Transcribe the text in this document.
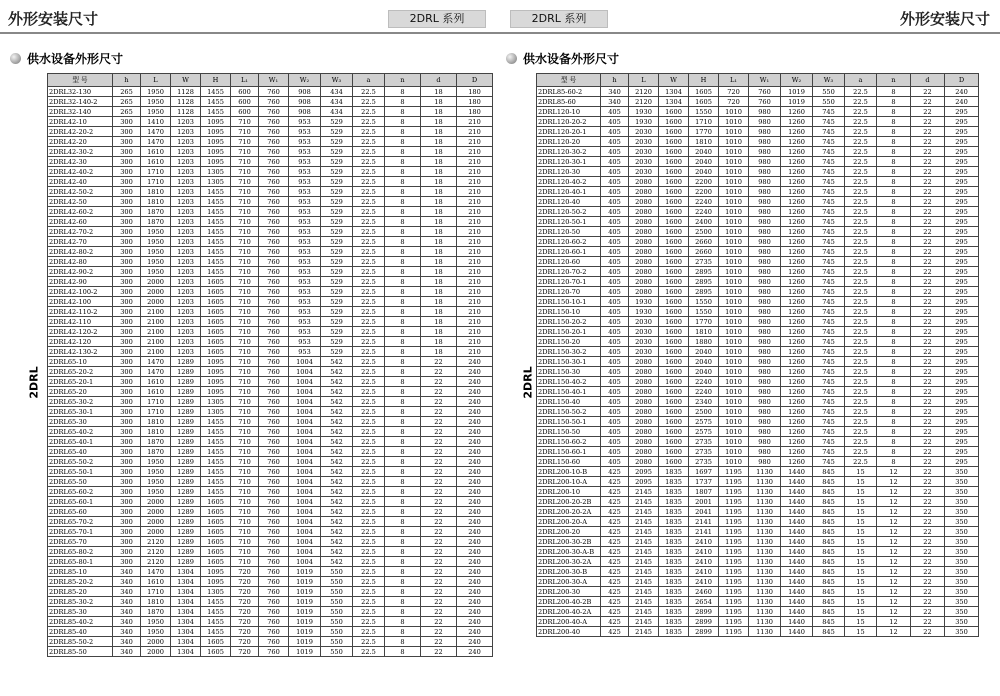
外形安装尺寸	2DRL 系列	2DRL 系列	外形安装尺寸
供水设备外形尺寸	供水设备外形尺寸
2DRL	2DRL
型 号	h	L	W	H	L₁	W₁	W₂	W₃	a	n	d	D
2DRL32-130	265	1950	1128	1455	600	760	908	434	22.5	8	18	180
2DRL32-140-2	265	1950	1128	1455	600	760	908	434	22.5	8	18	180
2DRL32-140	265	1950	1128	1455	600	760	908	434	22.5	8	18	180
2DRL42-10	300	1410	1203	1095	710	760	953	529	22.5	8	18	210
2DRL42-20-2	300	1470	1203	1095	710	760	953	529	22.5	8	18	210
2DRL42-20	300	1470	1203	1095	710	760	953	529	22.5	8	18	210
2DRL42-30-2	300	1610	1203	1095	710	760	953	529	22.5	8	18	210
2DRL42-30	300	1610	1203	1095	710	760	953	529	22.5	8	18	210
2DRL42-40-2	300	1710	1203	1305	710	760	953	529	22.5	8	18	210
2DRL42-40	300	1710	1203	1305	710	760	953	529	22.5	8	18	210
2DRL42-50-2	300	1810	1203	1455	710	760	953	529	22.5	8	18	210
2DRL42-50	300	1810	1203	1455	710	760	953	529	22.5	8	18	210
2DRL42-60-2	300	1870	1203	1455	710	760	953	529	22.5	8	18	210
2DRL42-60	300	1870	1203	1455	710	760	953	529	22.5	8	18	210
2DRL42-70-2	300	1950	1203	1455	710	760	953	529	22.5	8	18	210
2DRL42-70	300	1950	1203	1455	710	760	953	529	22.5	8	18	210
2DRL42-80-2	300	1950	1203	1455	710	760	953	529	22.5	8	18	210
2DRL42-80	300	1950	1203	1455	710	760	953	529	22.5	8	18	210
2DRL42-90-2	300	1950	1203	1455	710	760	953	529	22.5	8	18	210
2DRL42-90	300	2000	1203	1605	710	760	953	529	22.5	8	18	210
2DRL42-100-2	300	2000	1203	1605	710	760	953	529	22.5	8	18	210
2DRL42-100	300	2000	1203	1605	710	760	953	529	22.5	8	18	210
2DRL42-110-2	300	2100	1203	1605	710	760	953	529	22.5	8	18	210
2DRL42-110	300	2100	1203	1605	710	760	953	529	22.5	8	18	210
2DRL42-120-2	300	2100	1203	1605	710	760	953	529	22.5	8	18	210
2DRL42-120	300	2100	1203	1605	710	760	953	529	22.5	8	18	210
2DRL42-130-2	300	2100	1203	1605	710	760	953	529	22.5	8	18	210
2DRL65-10	300	1470	1289	1095	710	760	1004	542	22.5	8	22	240
2DRL65-20-2	300	1470	1289	1095	710	760	1004	542	22.5	8	22	240
2DRL65-20-1	300	1610	1289	1095	710	760	1004	542	22.5	8	22	240
2DRL65-20	300	1610	1289	1095	710	760	1004	542	22.5	8	22	240
2DRL65-30-2	300	1710	1289	1305	710	760	1004	542	22.5	8	22	240
2DRL65-30-1	300	1710	1289	1305	710	760	1004	542	22.5	8	22	240
2DRL65-30	300	1810	1289	1455	710	760	1004	542	22.5	8	22	240
2DRL65-40-2	300	1810	1289	1455	710	760	1004	542	22.5	8	22	240
2DRL65-40-1	300	1870	1289	1455	710	760	1004	542	22.5	8	22	240
2DRL65-40	300	1870	1289	1455	710	760	1004	542	22.5	8	22	240
2DRL65-50-2	300	1950	1289	1455	710	760	1004	542	22.5	8	22	240
2DRL65-50-1	300	1950	1289	1455	710	760	1004	542	22.5	8	22	240
2DRL65-50	300	1950	1289	1455	710	760	1004	542	22.5	8	22	240
2DRL65-60-2	300	1950	1289	1455	710	760	1004	542	22.5	8	22	240
2DRL65-60-1	300	2000	1289	1605	710	760	1004	542	22.5	8	22	240
2DRL65-60	300	2000	1289	1605	710	760	1004	542	22.5	8	22	240
2DRL65-70-2	300	2000	1289	1605	710	760	1004	542	22.5	8	22	240
2DRL65-70-1	300	2000	1289	1605	710	760	1004	542	22.5	8	22	240
2DRL65-70	300	2120	1289	1605	710	760	1004	542	22.5	8	22	240
2DRL65-80-2	300	2120	1289	1605	710	760	1004	542	22.5	8	22	240
2DRL65-80-1	300	2120	1289	1605	710	760	1004	542	22.5	8	22	240
2DRL85-10	340	1470	1304	1095	720	760	1019	550	22.5	8	22	240
2DRL85-20-2	340	1610	1304	1095	720	760	1019	550	22.5	8	22	240
2DRL85-20	340	1710	1304	1305	720	760	1019	550	22.5	8	22	240
2DRL85-30-2	340	1810	1304	1455	720	760	1019	550	22.5	8	22	240
2DRL85-30	340	1870	1304	1455	720	760	1019	550	22.5	8	22	240
2DRL85-40-2	340	1950	1304	1455	720	760	1019	550	22.5	8	22	240
2DRL85-40	340	1950	1304	1455	720	760	1019	550	22.5	8	22	240
2DRL85-50-2	340	2000	1304	1605	720	760	1019	550	22.5	8	22	240
2DRL85-50	340	2000	1304	1605	720	760	1019	550	22.5	8	22	240
型 号	h	L	W	H	L₁	W₁	W₂	W₃	a	n	d	D
2DRL85-60-2	340	2120	1304	1605	720	760	1019	550	22.5	8	22	240
2DRL85-60	340	2120	1304	1605	720	760	1019	550	22.5	8	22	240
2DRL120-10	405	1930	1600	1550	1010	980	1260	745	22.5	8	22	295
2DRL120-20-2	405	1930	1600	1710	1010	980	1260	745	22.5	8	22	295
2DRL120-20-1	405	2030	1600	1770	1010	980	1260	745	22.5	8	22	295
2DRL120-20	405	2030	1600	1810	1010	980	1260	745	22.5	8	22	295
2DRL120-30-2	405	2030	1600	2040	1010	980	1260	745	22.5	8	22	295
2DRL120-30-1	405	2030	1600	2040	1010	980	1260	745	22.5	8	22	295
2DRL120-30	405	2030	1600	2040	1010	980	1260	745	22.5	8	22	295
2DRL120-40-2	405	2080	1600	2200	1010	980	1260	745	22.5	8	22	295
2DRL120-40-1	405	2080	1600	2200	1010	980	1260	745	22.5	8	22	295
2DRL120-40	405	2080	1600	2240	1010	980	1260	745	22.5	8	22	295
2DRL120-50-2	405	2080	1600	2240	1010	980	1260	745	22.5	8	22	295
2DRL120-50-1	405	2080	1600	2400	1010	980	1260	745	22.5	8	22	295
2DRL120-50	405	2080	1600	2500	1010	980	1260	745	22.5	8	22	295
2DRL120-60-2	405	2080	1600	2660	1010	980	1260	745	22.5	8	22	295
2DRL120-60-1	405	2080	1600	2660	1010	980	1260	745	22.5	8	22	295
2DRL120-60	405	2080	1600	2735	1010	980	1260	745	22.5	8	22	295
2DRL120-70-2	405	2080	1600	2895	1010	980	1260	745	22.5	8	22	295
2DRL120-70-1	405	2080	1600	2895	1010	980	1260	745	22.5	8	22	295
2DRL120-70	405	2080	1600	2895	1010	980	1260	745	22.5	8	22	295
2DRL150-10-1	405	1930	1600	1550	1010	980	1260	745	22.5	8	22	295
2DRL150-10	405	1930	1600	1550	1010	980	1260	745	22.5	8	22	295
2DRL150-20-2	405	2030	1600	1770	1010	980	1260	745	22.5	8	22	295
2DRL150-20-1	405	2030	1600	1810	1010	980	1260	745	22.5	8	22	295
2DRL150-20	405	2030	1600	1880	1010	980	1260	745	22.5	8	22	295
2DRL150-30-2	405	2030	1600	2040	1010	980	1260	745	22.5	8	22	295
2DRL150-30-1	405	2080	1600	2040	1010	980	1260	745	22.5	8	22	295
2DRL150-30	405	2080	1600	2040	1010	980	1260	745	22.5	8	22	295
2DRL150-40-2	405	2080	1600	2240	1010	980	1260	745	22.5	8	22	295
2DRL150-40-1	405	2080	1600	2240	1010	980	1260	745	22.5	8	22	295
2DRL150-40	405	2080	1600	2340	1010	980	1260	745	22.5	8	22	295
2DRL150-50-2	405	2080	1600	2500	1010	980	1260	745	22.5	8	22	295
2DRL150-50-1	405	2080	1600	2575	1010	980	1260	745	22.5	8	22	295
2DRL150-50	405	2080	1600	2575	1010	980	1260	745	22.5	8	22	295
2DRL150-60-2	405	2080	1600	2735	1010	980	1260	745	22.5	8	22	295
2DRL150-60-1	405	2080	1600	2735	1010	980	1260	745	22.5	8	22	295
2DRL150-60	405	2080	1600	2735	1010	980	1260	745	22.5	8	22	295
2DRL200-10-B	425	2095	1835	1697	1195	1130	1440	845	15	12	22	350
2DRL200-10-A	425	2095	1835	1737	1195	1130	1440	845	15	12	22	350
2DRL200-10	425	2145	1835	1807	1195	1130	1440	845	15	12	22	350
2DRL200-20-2B	425	2145	1835	2001	1195	1130	1440	845	15	12	22	350
2DRL200-20-2A	425	2145	1835	2041	1195	1130	1440	845	15	12	22	350
2DRL200-20-A	425	2145	1835	2141	1195	1130	1440	845	15	12	22	350
2DRL200-20	425	2145	1835	2141	1195	1130	1440	845	15	12	22	350
2DRL200-30-2B	425	2145	1835	2410	1195	1130	1440	845	15	12	22	350
2DRL200-30-A-B	425	2145	1835	2410	1195	1130	1440	845	15	12	22	350
2DRL200-30-2A	425	2145	1835	2410	1195	1130	1440	845	15	12	22	350
2DRL200-30-B	425	2145	1835	2410	1195	1130	1440	845	15	12	22	350
2DRL200-30-A	425	2145	1835	2410	1195	1130	1440	845	15	12	22	350
2DRL200-30	425	2145	1835	2460	1195	1130	1440	845	15	12	22	350
2DRL200-40-2B	425	2145	1835	2654	1195	1130	1440	845	15	12	22	350
2DRL200-40-2A	425	2145	1835	2899	1195	1130	1440	845	15	12	22	350
2DRL200-40-A	425	2145	1835	2899	1195	1130	1440	845	15	12	22	350
2DRL200-40	425	2145	1835	2899	1195	1130	1440	845	15	12	22	350
